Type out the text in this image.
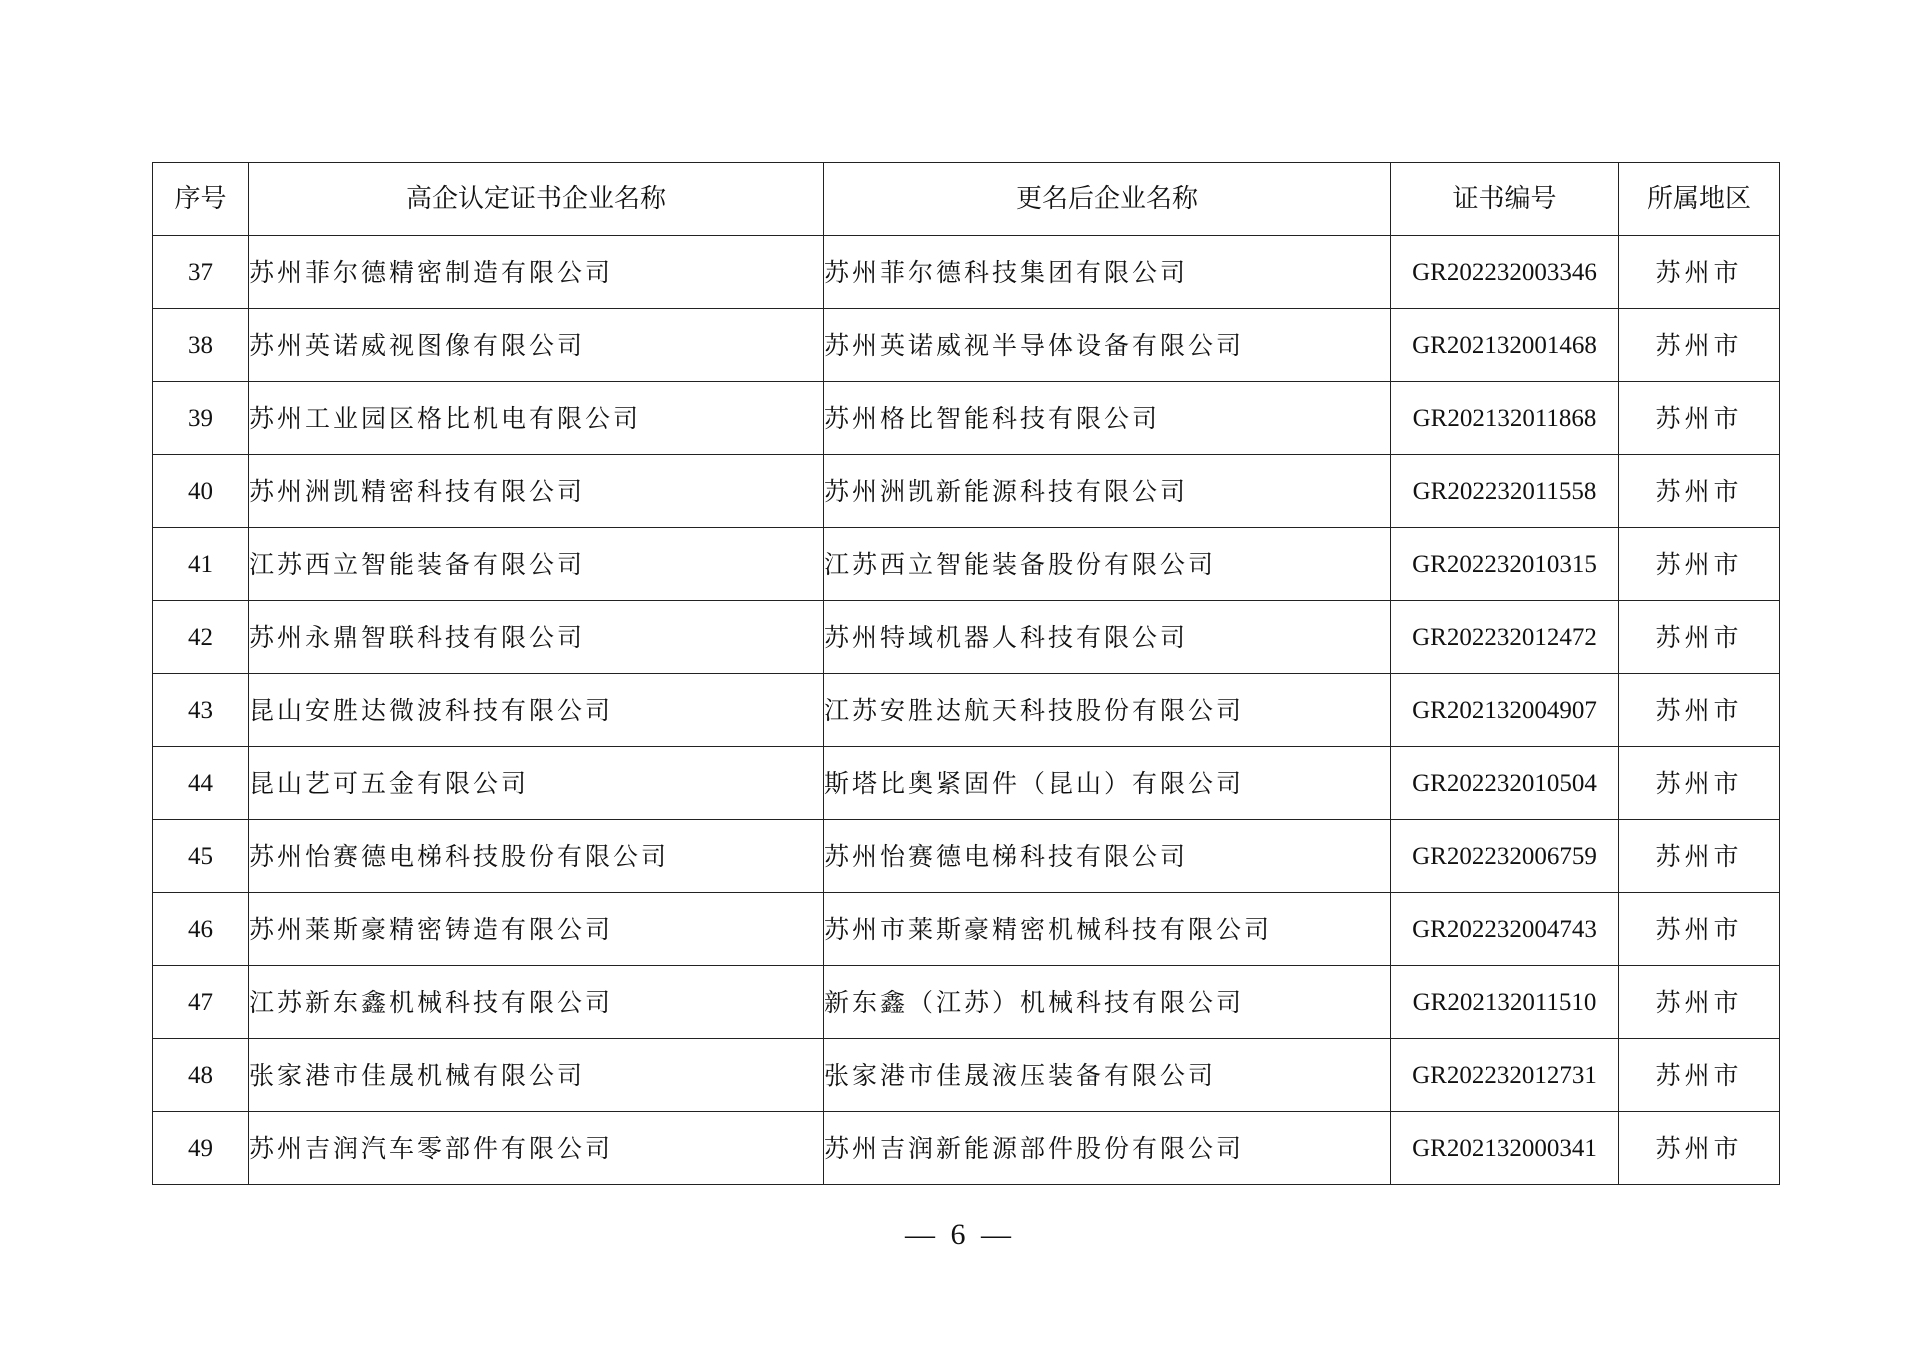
序号	高企认定证书企业名称	更名后企业名称	证书编号	所属地区
37	苏州菲尔德精密制造有限公司	苏州菲尔德科技集团有限公司	GR202232003346	苏州市
38	苏州英诺威视图像有限公司	苏州英诺威视半导体设备有限公司	GR202132001468	苏州市
39	苏州工业园区格比机电有限公司	苏州格比智能科技有限公司	GR202132011868	苏州市
40	苏州洲凯精密科技有限公司	苏州洲凯新能源科技有限公司	GR202232011558	苏州市
41	江苏西立智能装备有限公司	江苏西立智能装备股份有限公司	GR202232010315	苏州市
42	苏州永鼎智联科技有限公司	苏州特域机器人科技有限公司	GR202232012472	苏州市
43	昆山安胜达微波科技有限公司	江苏安胜达航天科技股份有限公司	GR202132004907	苏州市
44	昆山艺可五金有限公司	斯塔比奥紧固件（昆山）有限公司	GR202232010504	苏州市
45	苏州怡赛德电梯科技股份有限公司	苏州怡赛德电梯科技有限公司	GR202232006759	苏州市
46	苏州莱斯豪精密铸造有限公司	苏州市莱斯豪精密机械科技有限公司	GR202232004743	苏州市
47	江苏新东鑫机械科技有限公司	新东鑫（江苏）机械科技有限公司	GR202132011510	苏州市
48	张家港市佳晟机械有限公司	张家港市佳晟液压装备有限公司	GR202232012731	苏州市
49	苏州吉润汽车零部件有限公司	苏州吉润新能源部件股份有限公司	GR202132000341	苏州市
— 6 —
